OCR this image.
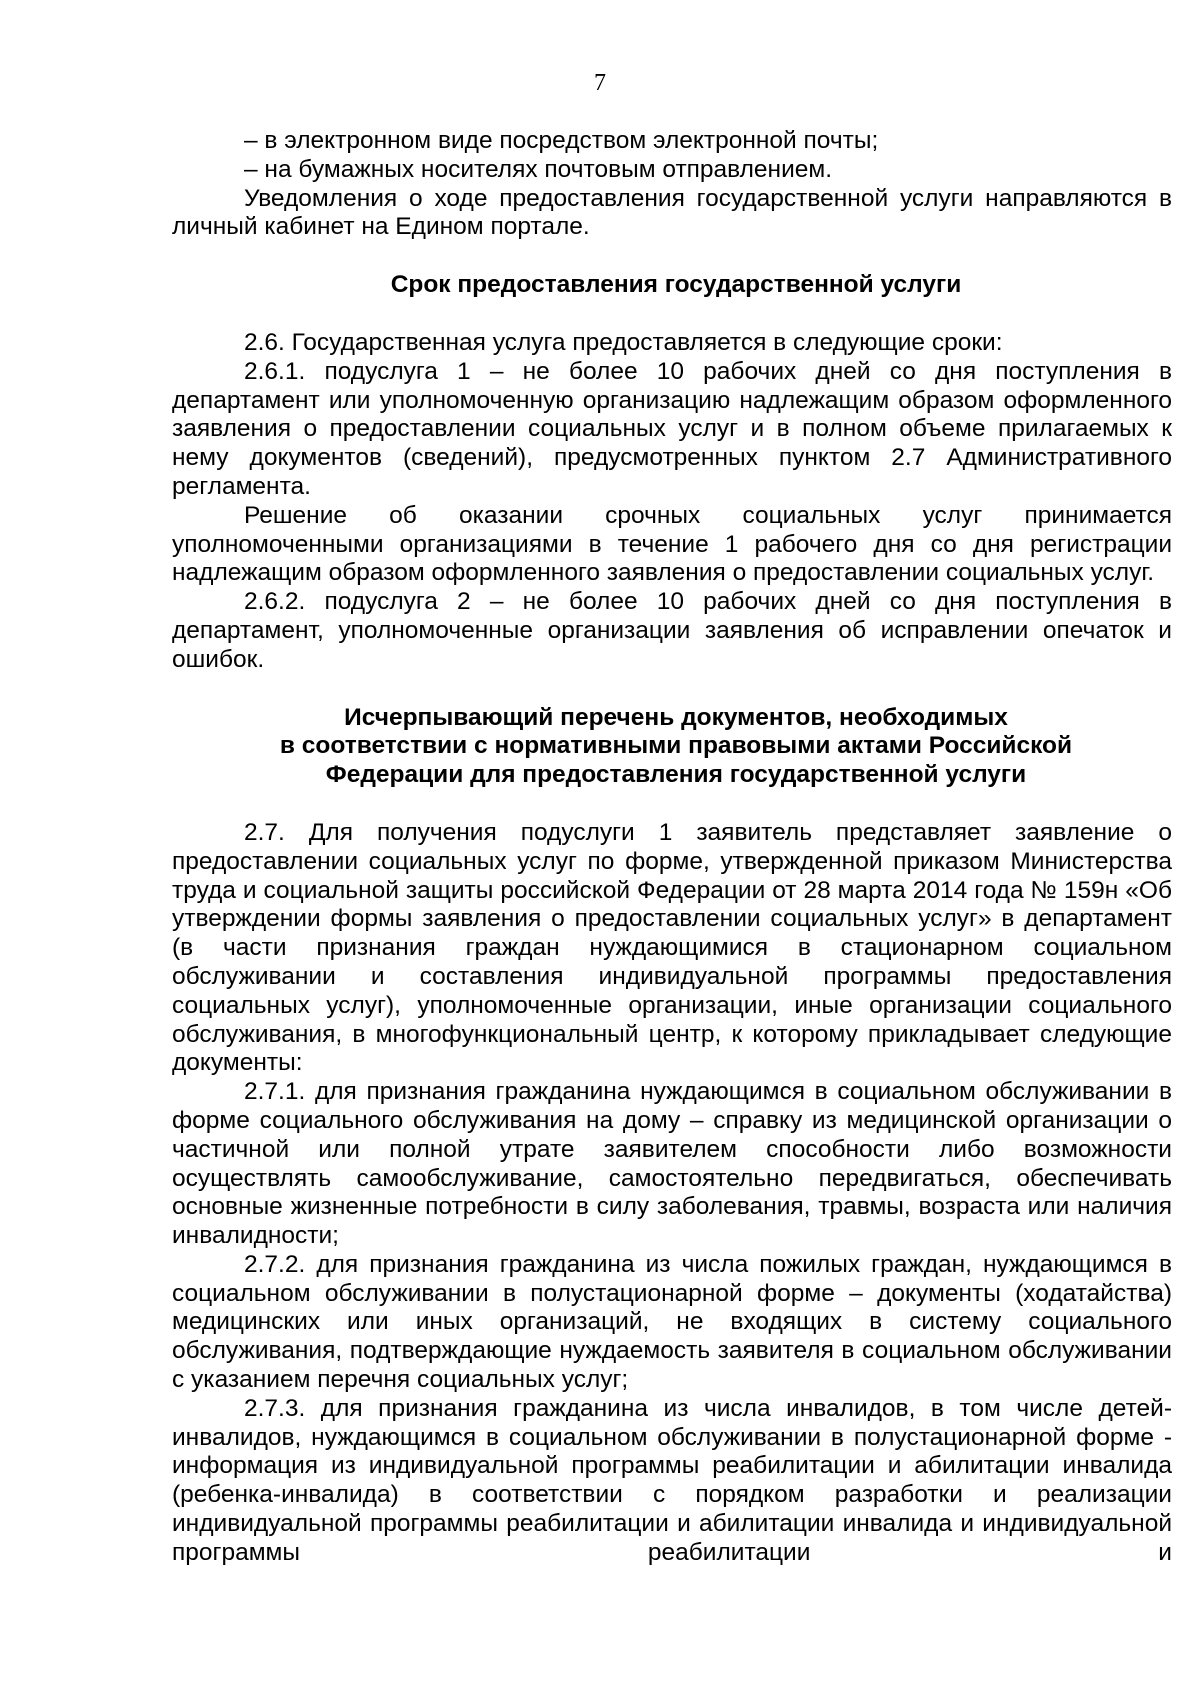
7

– в электронном виде посредством электронной почты;

– на бумажных носителях почтовым отправлением.

Уведомления о ходе предоставления государственной услуги направляются в личный кабинет на Едином портале.

Срок предоставления государственной услуги

2.6. Государственная услуга предоставляется в следующие сроки:

2.6.1. подуслуга 1 – не более 10 рабочих дней со дня поступления в департамент или уполномоченную организацию надлежащим образом оформленного заявления о предоставлении социальных услуг и в полном объеме прилагаемых к нему документов (сведений), предусмотренных пунктом 2.7 Административного регламента.

Решение об оказании срочных социальных услуг принимается уполномоченными организациями в течение 1 рабочего дня со дня регистрации надлежащим образом оформленного заявления о предоставлении социальных услуг.

2.6.2. подуслуга 2 – не более 10 рабочих дней со дня поступления в департамент, уполномоченные организации заявления об исправлении опечаток и ошибок.

Исчерпывающий перечень документов, необходимых

в соответствии с нормативными правовыми актами Российской

Федерации для предоставления государственной услуги

2.7. Для получения подуслуги 1 заявитель представляет заявление о предоставлении социальных услуг по форме, утвержденной приказом Министерства труда и социальной защиты российской Федерации от 28 марта 2014 года № 159н «Об утверждении формы заявления о предоставлении социальных услуг» в департамент (в части признания граждан нуждающимися в стационарном социальном обслуживании и составления индивидуальной программы предоставления социальных услуг), уполномоченные организации, иные организации социального обслуживания, в многофункциональный центр, к которому прикладывает следующие документы:

2.7.1. для признания гражданина нуждающимся в социальном обслуживании в форме социального обслуживания на дому – справку из медицинской организации о частичной или полной утрате заявителем способности либо возможности осуществлять самообслуживание, самостоятельно передвигаться, обеспечивать основные жизненные потребности в силу заболевания, травмы, возраста или наличия инвалидности;

2.7.2. для признания гражданина из числа пожилых граждан, нуждающимся в социальном обслуживании в полустационарной форме – документы (ходатайства) медицинских или иных организаций, не входящих в систему социального обслуживания, подтверждающие нуждаемость заявителя в социальном обслуживании с указанием перечня социальных услуг;

2.7.3. для признания гражданина из числа инвалидов, в том числе детей-инвалидов, нуждающимся в социальном обслуживании в полустационарной форме - информация из индивидуальной программы реабилитации и абилитации инвалида (ребенка-инвалида) в соответствии с порядком разработки и реализации индивидуальной программы реабилитации и абилитации инвалида и индивидуальной программы реабилитации и
